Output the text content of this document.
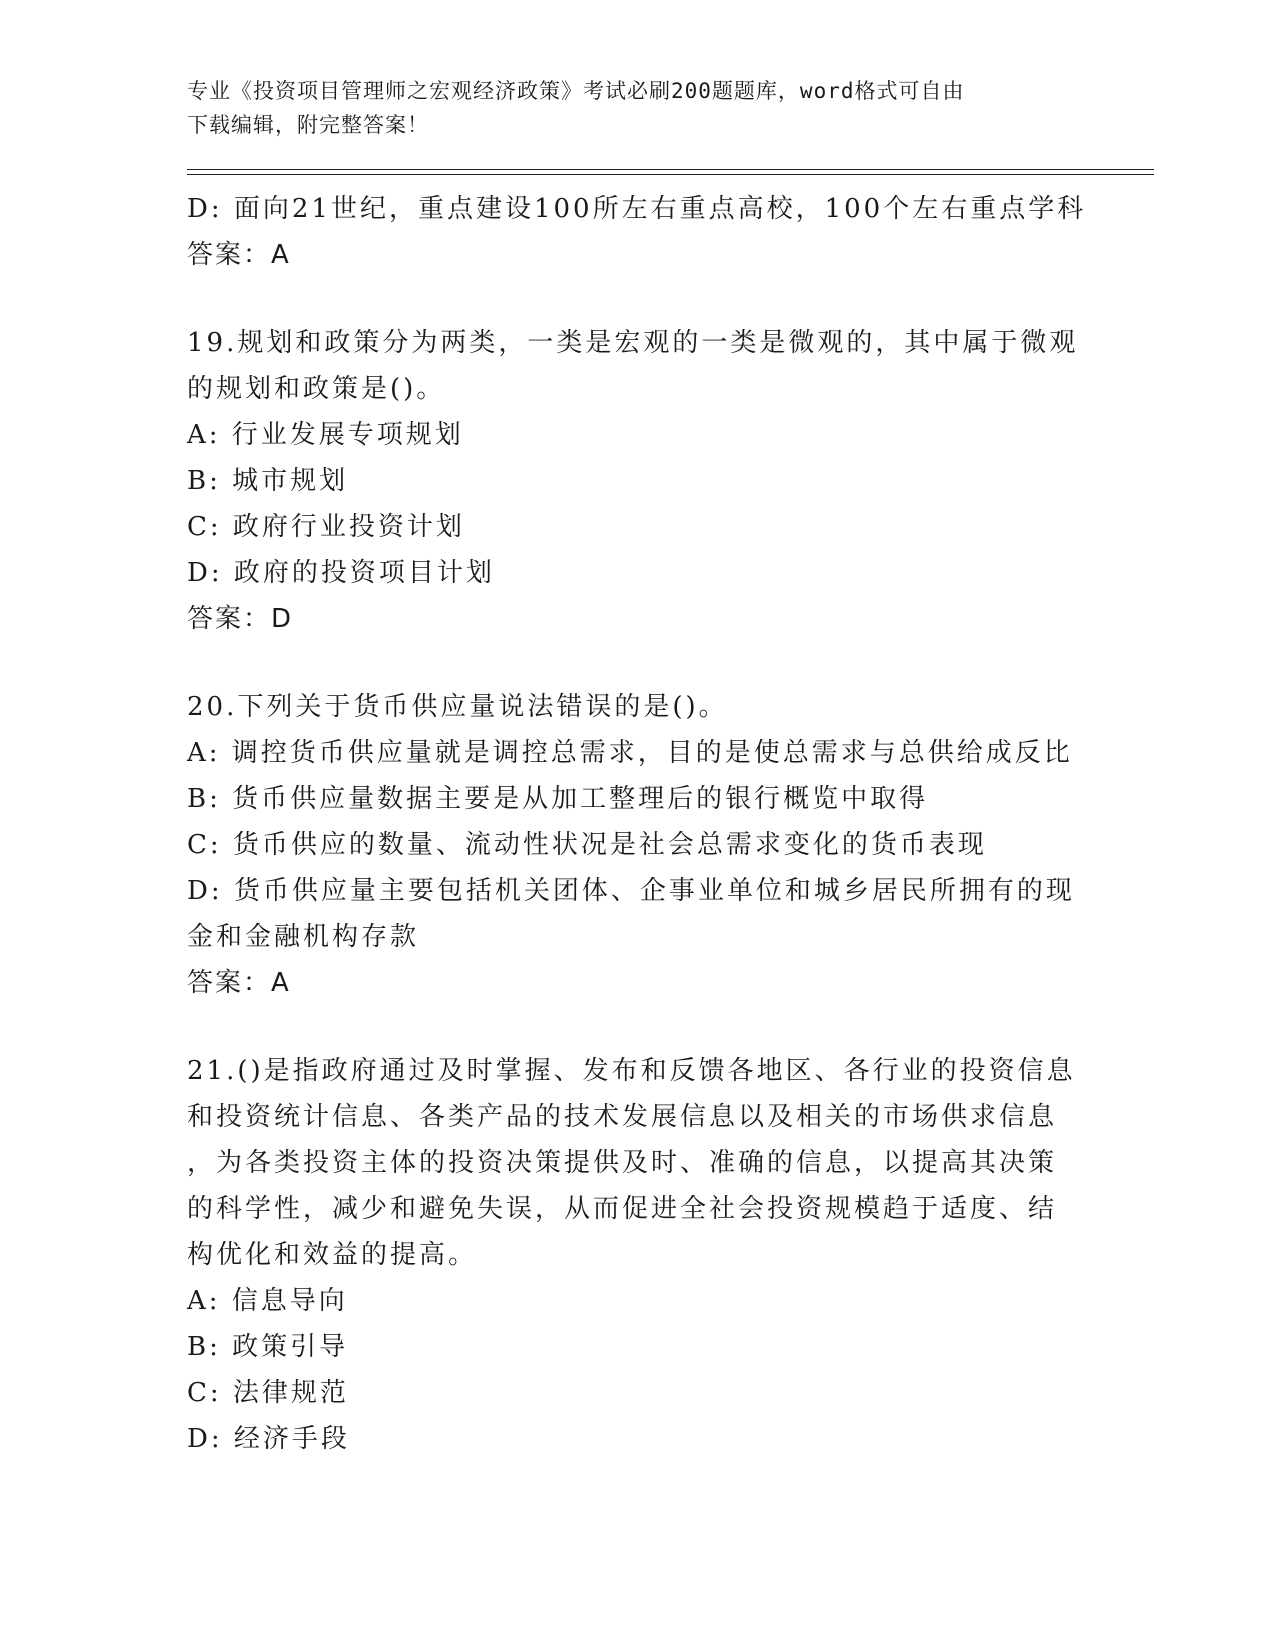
专业《投资项目管理师之宏观经济政策》考试必刷200题题库，word格式可自由
下载编辑，附完整答案！
D: 面向21世纪，重点建设100所左右重点高校，100个左右重点学科
答案：A
19.规划和政策分为两类，一类是宏观的一类是微观的，其中属于微观
的规划和政策是()。
A: 行业发展专项规划
B: 城市规划
C: 政府行业投资计划
D: 政府的投资项目计划
答案：D
20.下列关于货币供应量说法错误的是()。
A: 调控货币供应量就是调控总需求，目的是使总需求与总供给成反比
B: 货币供应量数据主要是从加工整理后的银行概览中取得
C: 货币供应的数量、流动性状况是社会总需求变化的货币表现
D: 货币供应量主要包括机关团体、企事业单位和城乡居民所拥有的现
金和金融机构存款
答案：A
21.()是指政府通过及时掌握、发布和反馈各地区、各行业的投资信息
和投资统计信息、各类产品的技术发展信息以及相关的市场供求信息
，为各类投资主体的投资决策提供及时、准确的信息，以提高其决策
的科学性，减少和避免失误，从而促进全社会投资规模趋于适度、结
构优化和效益的提高。
A: 信息导向
B: 政策引导
C: 法律规范
D: 经济手段
